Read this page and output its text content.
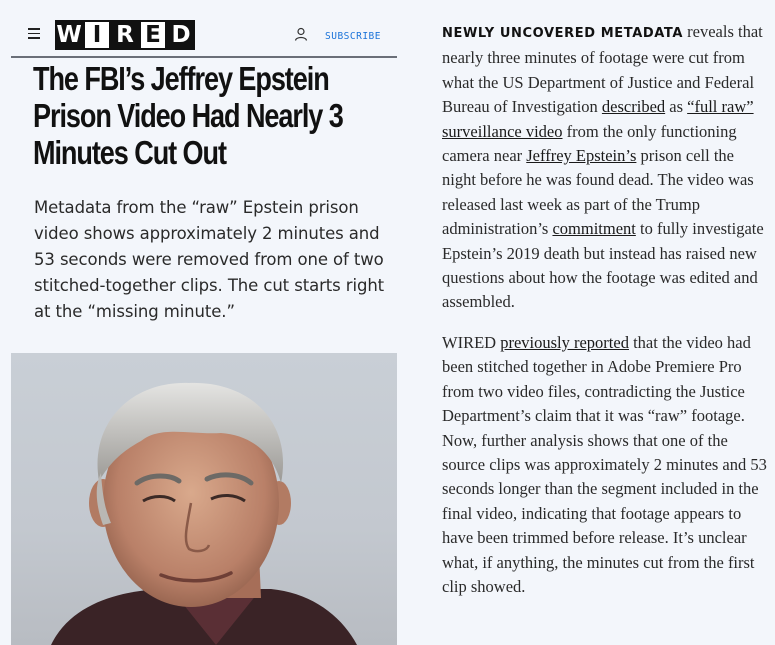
W I R E D	SUBSCRIBE
The FBI’s Jeffrey Epstein Prison Video Had Nearly 3 Minutes Cut Out

Metadata from the “raw” Epstein prison video shows approximately 2 minutes and 53 seconds were removed from one of two stitched-together clips. The cut starts right at the “missing minute.”

NEWLY UNCOVERED METADATA reveals that nearly three minutes of footage were cut from what the US Department of Justice and Federal Bureau of Investigation described as “full raw” surveillance video from the only functioning camera near Jeffrey Epstein’s prison cell the night before he was found dead. The video was released last week as part of the Trump administration’s commitment to fully investigate Epstein’s 2019 death but instead has raised new questions about how the footage was edited and assembled.

WIRED previously reported that the video had been stitched together in Adobe Premiere Pro from two video files, contradicting the Justice Department’s claim that it was “raw” footage. Now, further analysis shows that one of the source clips was approximately 2 minutes and 53 seconds longer than the segment included in the final video, indicating that footage appears to have been trimmed before release. It’s unclear what, if anything, the minutes cut from the first clip showed.
